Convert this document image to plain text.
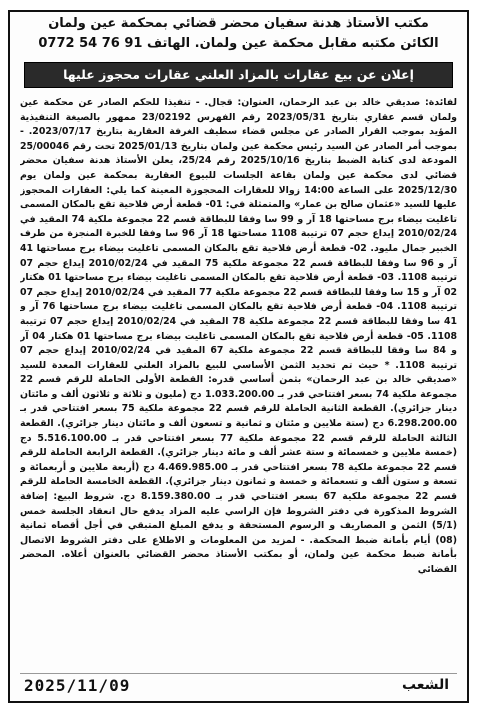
مكتب الأستاذ هدنة سفيان محضر قضائي بمحكمة عين ولمان
الكائن مكتبه مقابل محكمة عين ولمان. الهاتف 91 76 54 0772
إعلان عن بيع عقارات بالمزاد العلني عقارات محجوز عليها
لفائدة: صديقي خالد بن عبد الرحمان، العنوان: قجال. - تنفيذا للحكم الصادر عن محكمة عين ولمان قسم عقاري بتاريخ 2023/05/31 رقم الفهرس 23/02192 ممهور بالصيغة التنفيذية المؤيد بموجب القرار الصادر عن مجلس قضاء سطيف الغرفة العقارية بتاريخ 2023/07/17. - بموجب أمر الصادر عن السيد رئيس محكمة عين ولمان بتاريخ 2025/01/13 تحت رقم 25/00046 المودعة لدى كتابة الضبط بتاريخ 2025/10/16 رقم 25/24، يعلن الأستاذ هدنة سفيان محضر قضائي لدى محكمة عين ولمان بقاعة الجلسات للبيوع العقارية بمحكمة عين ولمان يوم 2025/12/30 على الساعة 14:00 زوالا للعقارات المحجوزة المعينة كما يلي: العقارات المحجوز عليها للسيد «عثمان صالح بن عمار» والمتمثلة في: 01- قطعة أرض فلاحية تقع بالمكان المسمى تاغليت بيضاء برج مساحتها 18 آر و 99 سا وفقا للبطاقة قسم 22 مجموعة ملكية 74 المقيد في 2010/02/24 إيداع حجم 07 ترتيبة 1108 مساحتها 18 آر 96 سا وفقا للخبرة المنجزة من طرف الخبير جمال مليود. 02- قطعة أرض فلاحية تقع بالمكان المسمى تاغليت بيضاء برج مساحتها 41 آر و 96 سا وفقا للبطاقة قسم 22 مجموعة ملكية 75 المقيد في 2010/02/24 إيداع حجم 07 ترتيبة 1108. 03- قطعة أرض فلاحية تقع بالمكان المسمى تاغليت بيضاء برج مساحتها 01 هكتار 02 آر و 15 سا وفقا للبطاقة قسم 22 مجموعة ملكية 77 المقيد في 2010/02/24 إيداع حجم 07 ترتيبة 1108. 04- قطعة أرض فلاحية تقع بالمكان المسمى تاغليت بيضاء برج مساحتها 76 آر و 41 سا وفقا للبطاقة قسم 22 مجموعة ملكية 78 المقيد في 2010/02/24 إيداع حجم 07 ترتيبة 1108. 05- قطعة أرض فلاحية تقع بالمكان المسمى تاغليت بيضاء برج مساحتها 01 هكتار 04 آر و 84 سا وفقا للبطاقة قسم 22 مجموعة ملكية 67 المقيد في 2010/02/24 إيداع حجم 07 ترتيبة 1108. * حيث تم تحديد الثمن الأساسي للبيع بالمزاد العلني للعقارات المعدة للسيد «صديقي خالد بن عبد الرحمان» بثمن أساسي قدره: القطعة الأولى الحاملة للرقم قسم 22 مجموعة ملكية 74 بسعر افتتاحي قدر بـ 1.033.200.00 دج (مليون و ثلاثة و ثلاثون ألف و مائتان دينار جزائري). القطعة الثانية الحاملة للرقم قسم 22 مجموعة ملكية 75 بسعر افتتاحي قدر بـ 6.298.200.00 دج (ستة ملايين و مئتان و ثمانية و تسعون ألف و مائتان دينار جزائري). القطعة الثالثة الحاملة للرقم قسم 22 مجموعة ملكية 77 بسعر افتتاحي قدر بـ 5.516.100.00 دج (خمسة ملايين و خمسمائة و ستة عشر ألف و مائة دينار جزائري). القطعة الرابعة الحاملة للرقم قسم 22 مجموعة ملكية 78 بسعر افتتاحي قدر بـ 4.469.985.00 دج (أربعة ملايين و أربعمائة و تسعة و ستون ألف و تسعمائة و خمسة و ثمانون دينار جزائري). القطعة الخامسة الحاملة للرقم قسم 22 مجموعة ملكية 67 بسعر افتتاحي قدر بـ 8.159.380.00 دج. شروط البيع: إضافة الشروط المذكورة في دفتر الشروط فإن الراسي عليه المزاد يدفع حال انعقاد الجلسة خمس (5/1) الثمن و المصاريف و الرسوم المستحقة و يدفع المبلغ المتبقي في أجل أقصاه ثمانية (08) أيام بأمانة ضبط المحكمة. - لمزيد من المعلومات و الاطلاع على دفتر الشروط الاتصال بأمانة ضبط محكمة عين ولمان، أو بمكتب الأستاذ محضر القضائي بالعنوان أعلاه. المحضر القضائي
2025/11/09	الشعب
